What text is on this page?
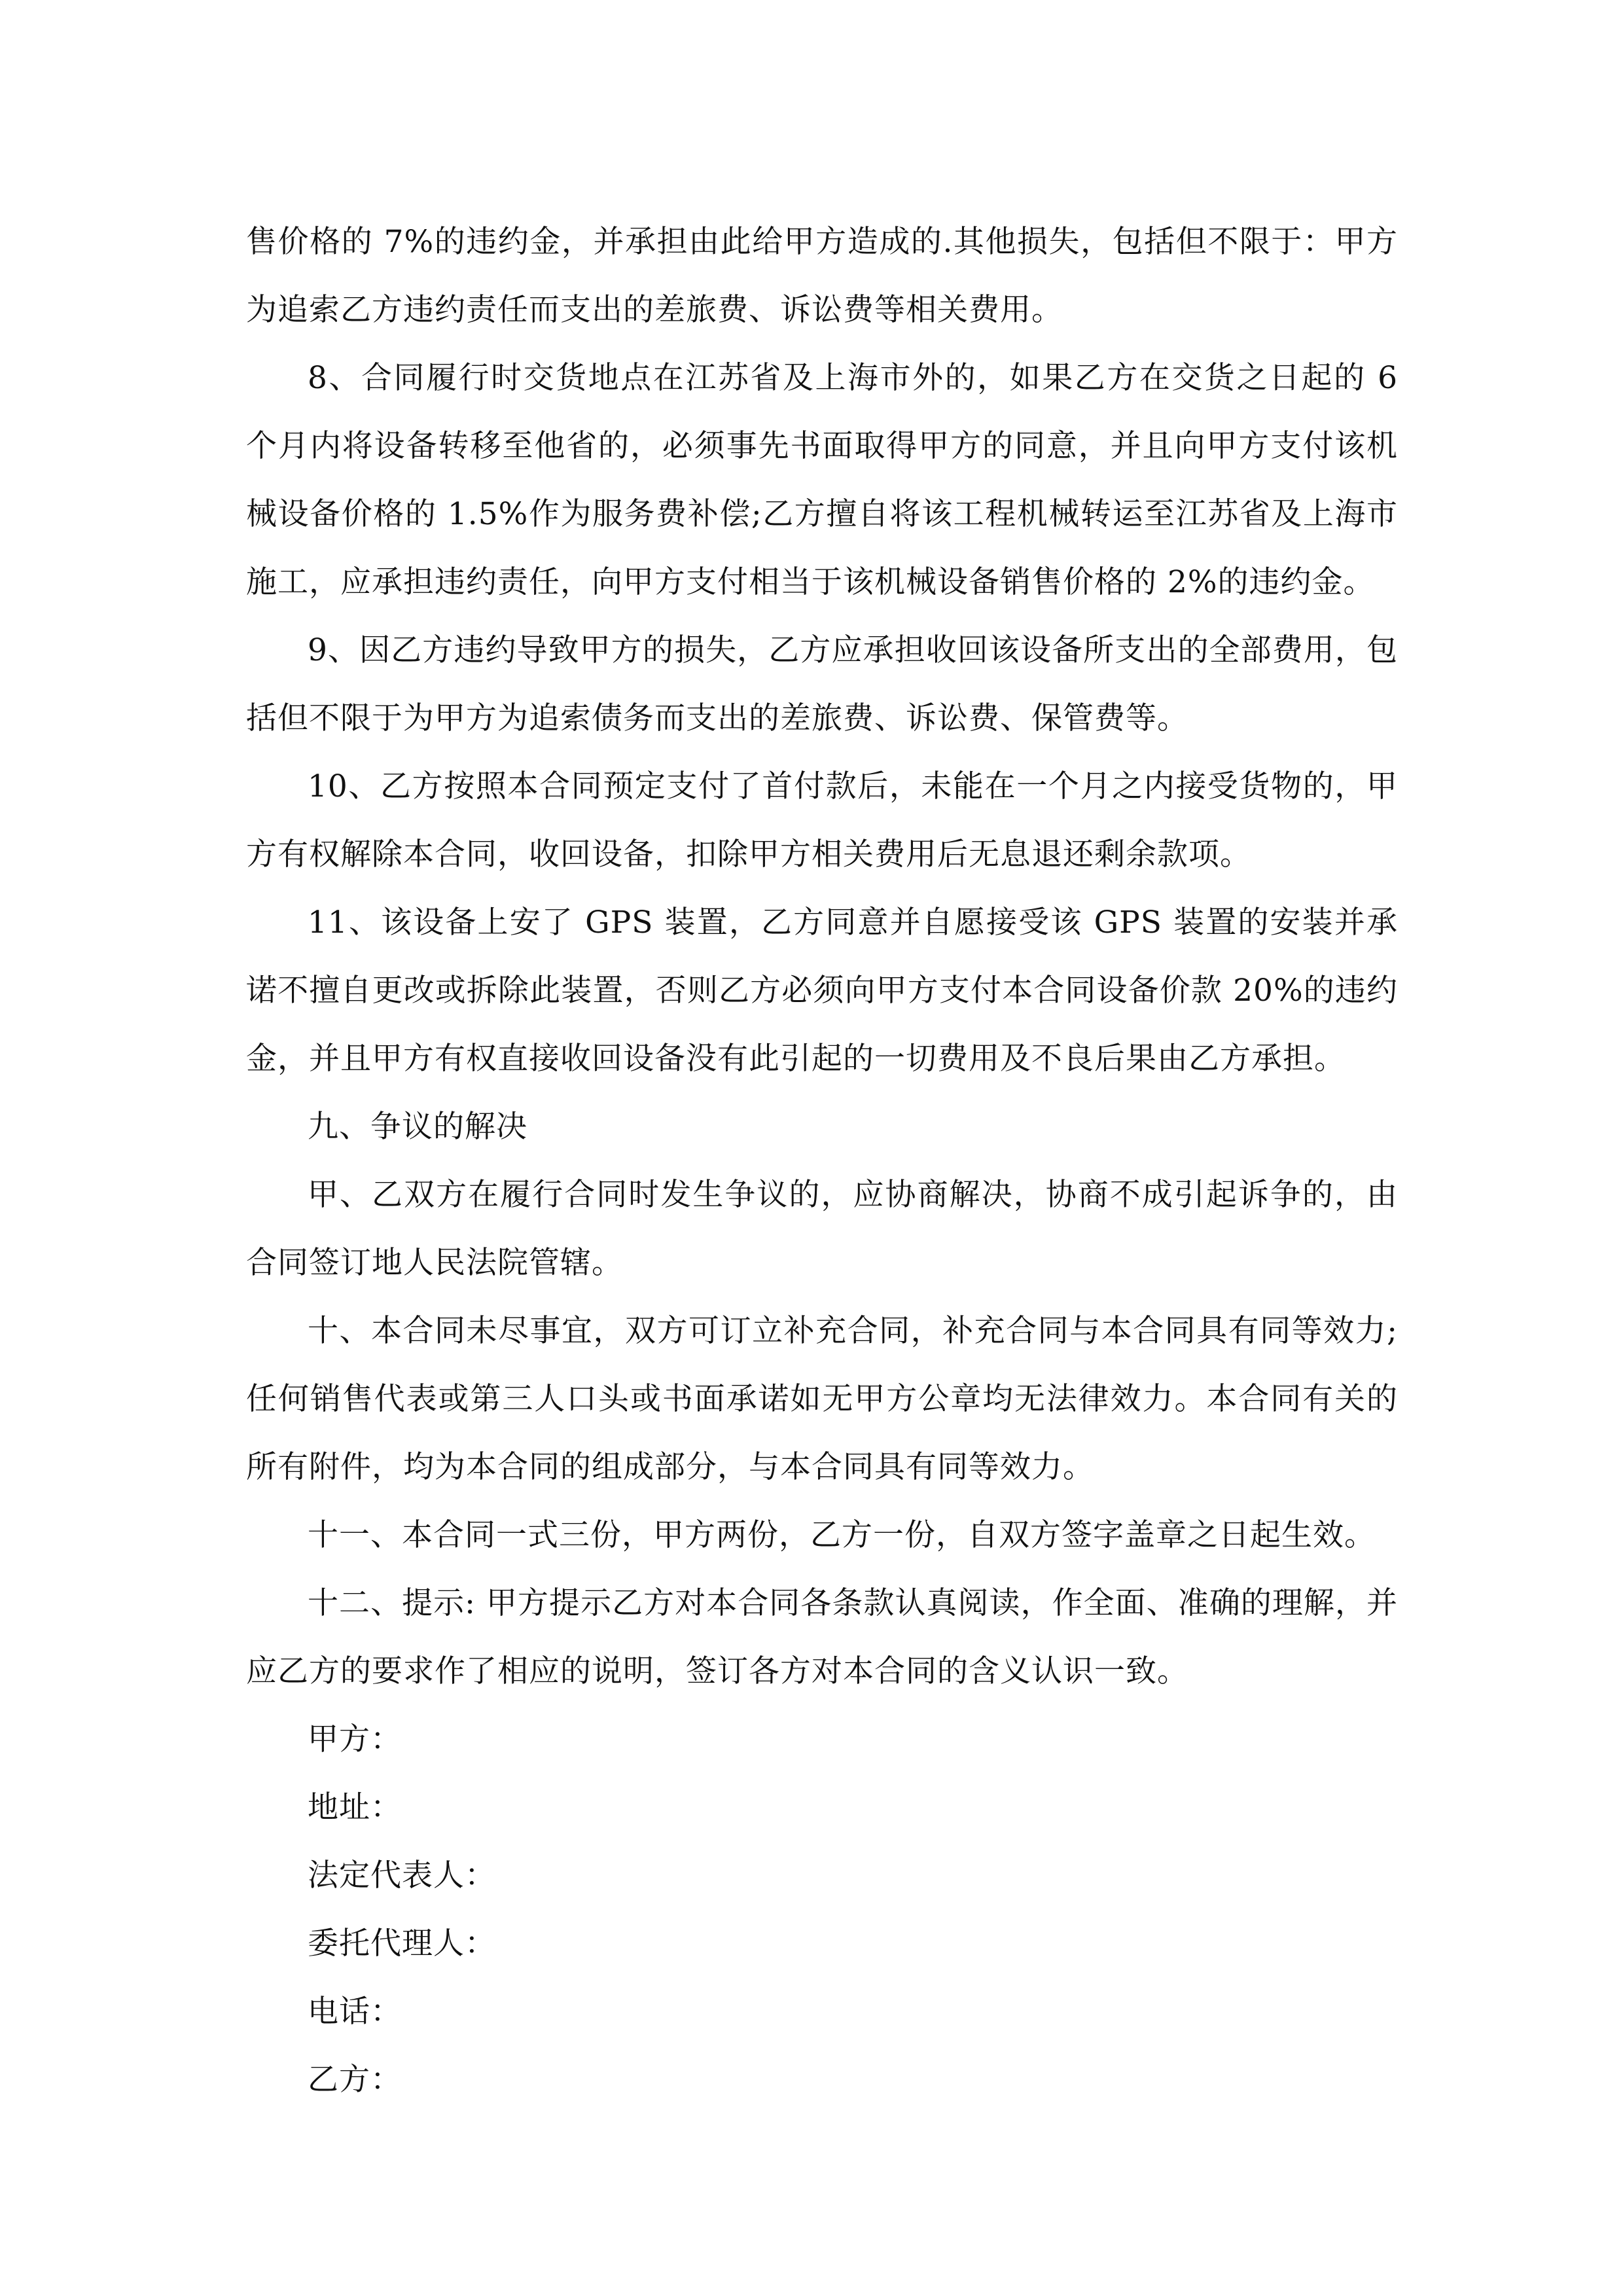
售价格的 7%的违约金，并承担由此给甲方造成的.其他损失，包括但不限于：甲方为追索乙方违约责任而支出的差旅费、诉讼费等相关费用。

8、合同履行时交货地点在江苏省及上海市外的，如果乙方在交货之日起的 6 个月内将设备转移至他省的，必须事先书面取得甲方的同意，并且向甲方支付该机械设备价格的 1.5%作为服务费补偿;乙方擅自将该工程机械转运至江苏省及上海市施工，应承担违约责任，向甲方支付相当于该机械设备销售价格的 2%的违约金。

9、因乙方违约导致甲方的损失，乙方应承担收回该设备所支出的全部费用，包括但不限于为甲方为追索债务而支出的差旅费、诉讼费、保管费等。

10、乙方按照本合同预定支付了首付款后，未能在一个月之内接受货物的，甲方有权解除本合同，收回设备，扣除甲方相关费用后无息退还剩余款项。

11、该设备上安了 GPS 装置，乙方同意并自愿接受该 GPS 装置的安装并承诺不擅自更改或拆除此装置，否则乙方必须向甲方支付本合同设备价款 20%的违约金，并且甲方有权直接收回设备没有此引起的一切费用及不良后果由乙方承担。

九、争议的解决

甲、乙双方在履行合同时发生争议的，应协商解决，协商不成引起诉争的，由合同签订地人民法院管辖。

十、本合同未尽事宜，双方可订立补充合同，补充合同与本合同具有同等效力;任何销售代表或第三人口头或书面承诺如无甲方公章均无法律效力。本合同有关的所有附件，均为本合同的组成部分，与本合同具有同等效力。

十一、本合同一式三份，甲方两份，乙方一份，自双方签字盖章之日起生效。

十二、提示: 甲方提示乙方对本合同各条款认真阅读，作全面、准确的理解，并应乙方的要求作了相应的说明，签订各方对本合同的含义认识一致。

甲方：

地址：

法定代表人：

委托代理人：

电话：

乙方：
